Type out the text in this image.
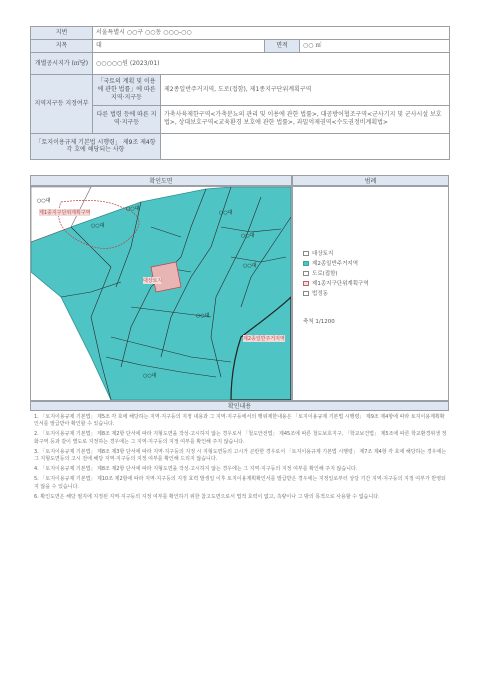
지번	서울특별시 ○○구 ○○동 ○○○-○○			
지목	대		면적	○○ ㎡
개별공시지가 (㎡당)	○○○○○원 (2023/01)			
지역지구등 지정여부	「국토의 계획 및 이용에 관한 법률」에 따른 지역·지구등	제2종일반주거지역, 도로(접함), 제1종지구단위계획구역		

	다른 법령 등에 따른 지역·지구등	가축사육제한구역<가축분뇨의 관리 및 이용에 관한 법률>, 대공방어협조구역<군사기지 및 군사시설 보호법>, 상대보호구역<교육환경 보호에 관한 법률>, 과밀억제권역<수도권정비계획법>		
「토지이용규제 기본법 시행령」 제9조 제4항 각 호에 해당되는 사항				
확인도면	범례
제1종지구단위계획구역
○○대
○○대
○○대
○○대
○○대
대상토지
○○대
○○대
제2종일반주거지역
○○대
대상토지
제2종일반주거지역
도로(접함)
제1종지구단위계획구역
법정동
축척 1/1200
확인내용

1. 「토지이용규제 기본법」 제5조 각 호에 해당하는 지역·지구등의 지정 내용과 그 지역·지구등에서의 행위제한내용은 「토지이용규제 기본법 시행령」 제9조 제4항에 따라 토지이용계획확인서를 발급받아 확인할 수 있습니다.

2. 「토지이용규제 기본법」 제8조 제2항 단서에 따라 지형도면을 작성·고시하지 않는 경우로서 「철도안전법」 제45조에 따른 철도보호지구, 「학교보건법」 제5조에 따른 학교환경위생 정화구역 등과 같이 별도로 지정하는 경우에는 그 지역·지구등의 지정 여부를 확인해 주지 않습니다.

3. 「토지이용규제 기본법」 제8조 제3항 단서에 따라 지역·지구등의 지정 시 지형도면등의 고시가 곤란한 경우로서 「토지이용규제 기본법 시행령」 제7조 제4항 각 호에 해당하는 경우에는 그 지형도면등의 고시 전에 해당 지역·지구등의 지정 여부를 확인해 드리지 않습니다.

4. 「토지이용규제 기본법」 제8조 제2항 단서에 따라 지형도면을 작성·고시하지 않는 경우에는 그 지역·지구등의 지정 여부를 확인해 주지 않습니다.

5. 「토지이용규제 기본법」 제10조 제2항에 따라 지역·지구등의 지정 효력 발생일 이후 토지이용계획확인서를 발급받은 경우에는 지정일로부터 상당 기간 지역·지구등의 지정 여부가 반영되지 않을 수 있습니다.

6. 확인도면은 해당 필지에 지정된 지역·지구등의 지정 여부를 확인하기 위한 참고도면으로서 법적 효력이 없고, 측량이나 그 밖의 목적으로 사용할 수 없습니다.
